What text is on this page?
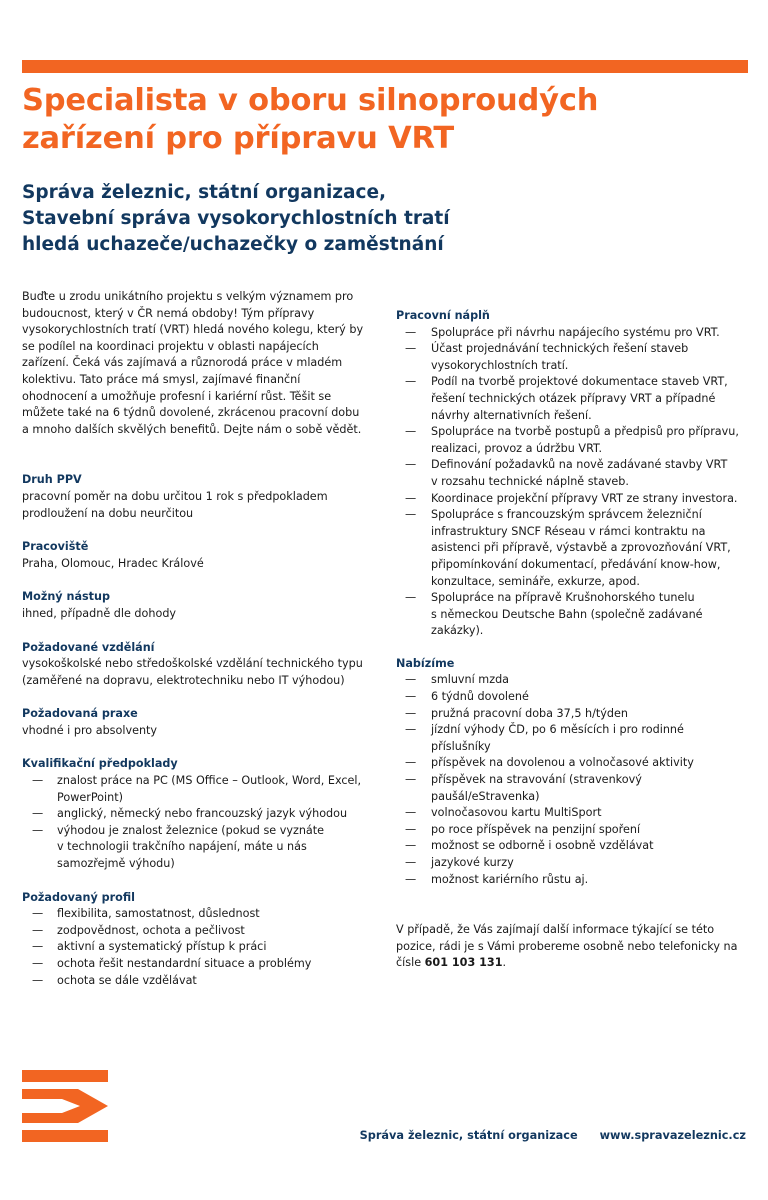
Specialista v oboru silnoproudých
zařízení pro přípravu VRT
Správa železnic, státní organizace,
Stavební správa vysokorychlostních tratí
hledá uchazeče/uchazečky o zaměstnání
Buďte u zrodu unikátního projektu s velkým významem pro
budoucnost, který v ČR nemá obdoby! Tým přípravy
vysokorychlostních tratí (VRT) hledá nového kolegu, který by
se podílel na koordinaci projektu v oblasti napájecích
zařízení. Čeká vás zajímavá a různorodá práce v mladém
kolektivu. Tato práce má smysl, zajímavé finanční
ohodnocení a umožňuje profesní i kariérní růst. Těšit se
můžete také na 6 týdnů dovolené, zkrácenou pracovní dobu
a mnoho dalších skvělých benefitů. Dejte nám o sobě vědět.
Druh PPV
pracovní poměr na dobu určitou 1 rok s předpokladem
prodloužení na dobu neurčitou
Pracoviště
Praha, Olomouc, Hradec Králové
Možný nástup
ihned, případně dle dohody
Požadované vzdělání
vysokoškolské nebo středoškolské vzdělání technického typu
(zaměřené na dopravu, elektrotechniku nebo IT výhodou)
Požadovaná praxe
vhodné i pro absolventy
Kvalifikační předpoklady
— znalost práce na PC (MS Office – Outlook, Word, Excel,
PowerPoint)
— anglický, německý nebo francouzský jazyk výhodou
— výhodou je znalost železnice (pokud se vyznáte
v technologii trakčního napájení, máte u nás
samozřejmě výhodu)
Požadovaný profil
— flexibilita, samostatnost, důslednost
— zodpovědnost, ochota a pečlivost
— aktivní a systematický přístup k práci
— ochota řešit nestandardní situace a problémy
— ochota se dále vzdělávat
Pracovní náplň
— Spolupráce při návrhu napájecího systému pro VRT.
— Účast projednávání technických řešení staveb
vysokorychlostních tratí.
— Podíl na tvorbě projektové dokumentace staveb VRT,
řešení technických otázek přípravy VRT a případné
návrhy alternativních řešení.
— Spolupráce na tvorbě postupů a předpisů pro přípravu,
realizaci, provoz a údržbu VRT.
— Definování požadavků na nově zadávané stavby VRT
v rozsahu technické náplně staveb.
— Koordinace projekční přípravy VRT ze strany investora.
— Spolupráce s francouzským správcem železniční
infrastruktury SNCF Réseau v rámci kontraktu na
asistenci při přípravě, výstavbě a zprovozňování VRT,
připomínkování dokumentací, předávání know-how,
konzultace, semináře, exkurze, apod.
— Spolupráce na přípravě Krušnohorského tunelu
s německou Deutsche Bahn (společně zadávané
zakázky).
Nabízíme
— smluvní mzda
— 6 týdnů dovolené
— pružná pracovní doba 37,5 h/týden
— jízdní výhody ČD, po 6 měsících i pro rodinné
příslušníky
— příspěvek na dovolenou a volnočasové aktivity
— příspěvek na stravování (stravenkový
paušál/eStravenka)
— volnočasovou kartu MultiSport
— po roce příspěvek na penzijní spoření
— možnost se odborně i osobně vzdělávat
— jazykové kurzy
— možnost kariérního růstu aj.
V případě, že Vás zajímají další informace týkající se této
pozice, rádi je s Vámi probereme osobně nebo telefonicky na
čísle 601 103 131.
Správa železnic, státní organizace www.spravazeleznic.cz
